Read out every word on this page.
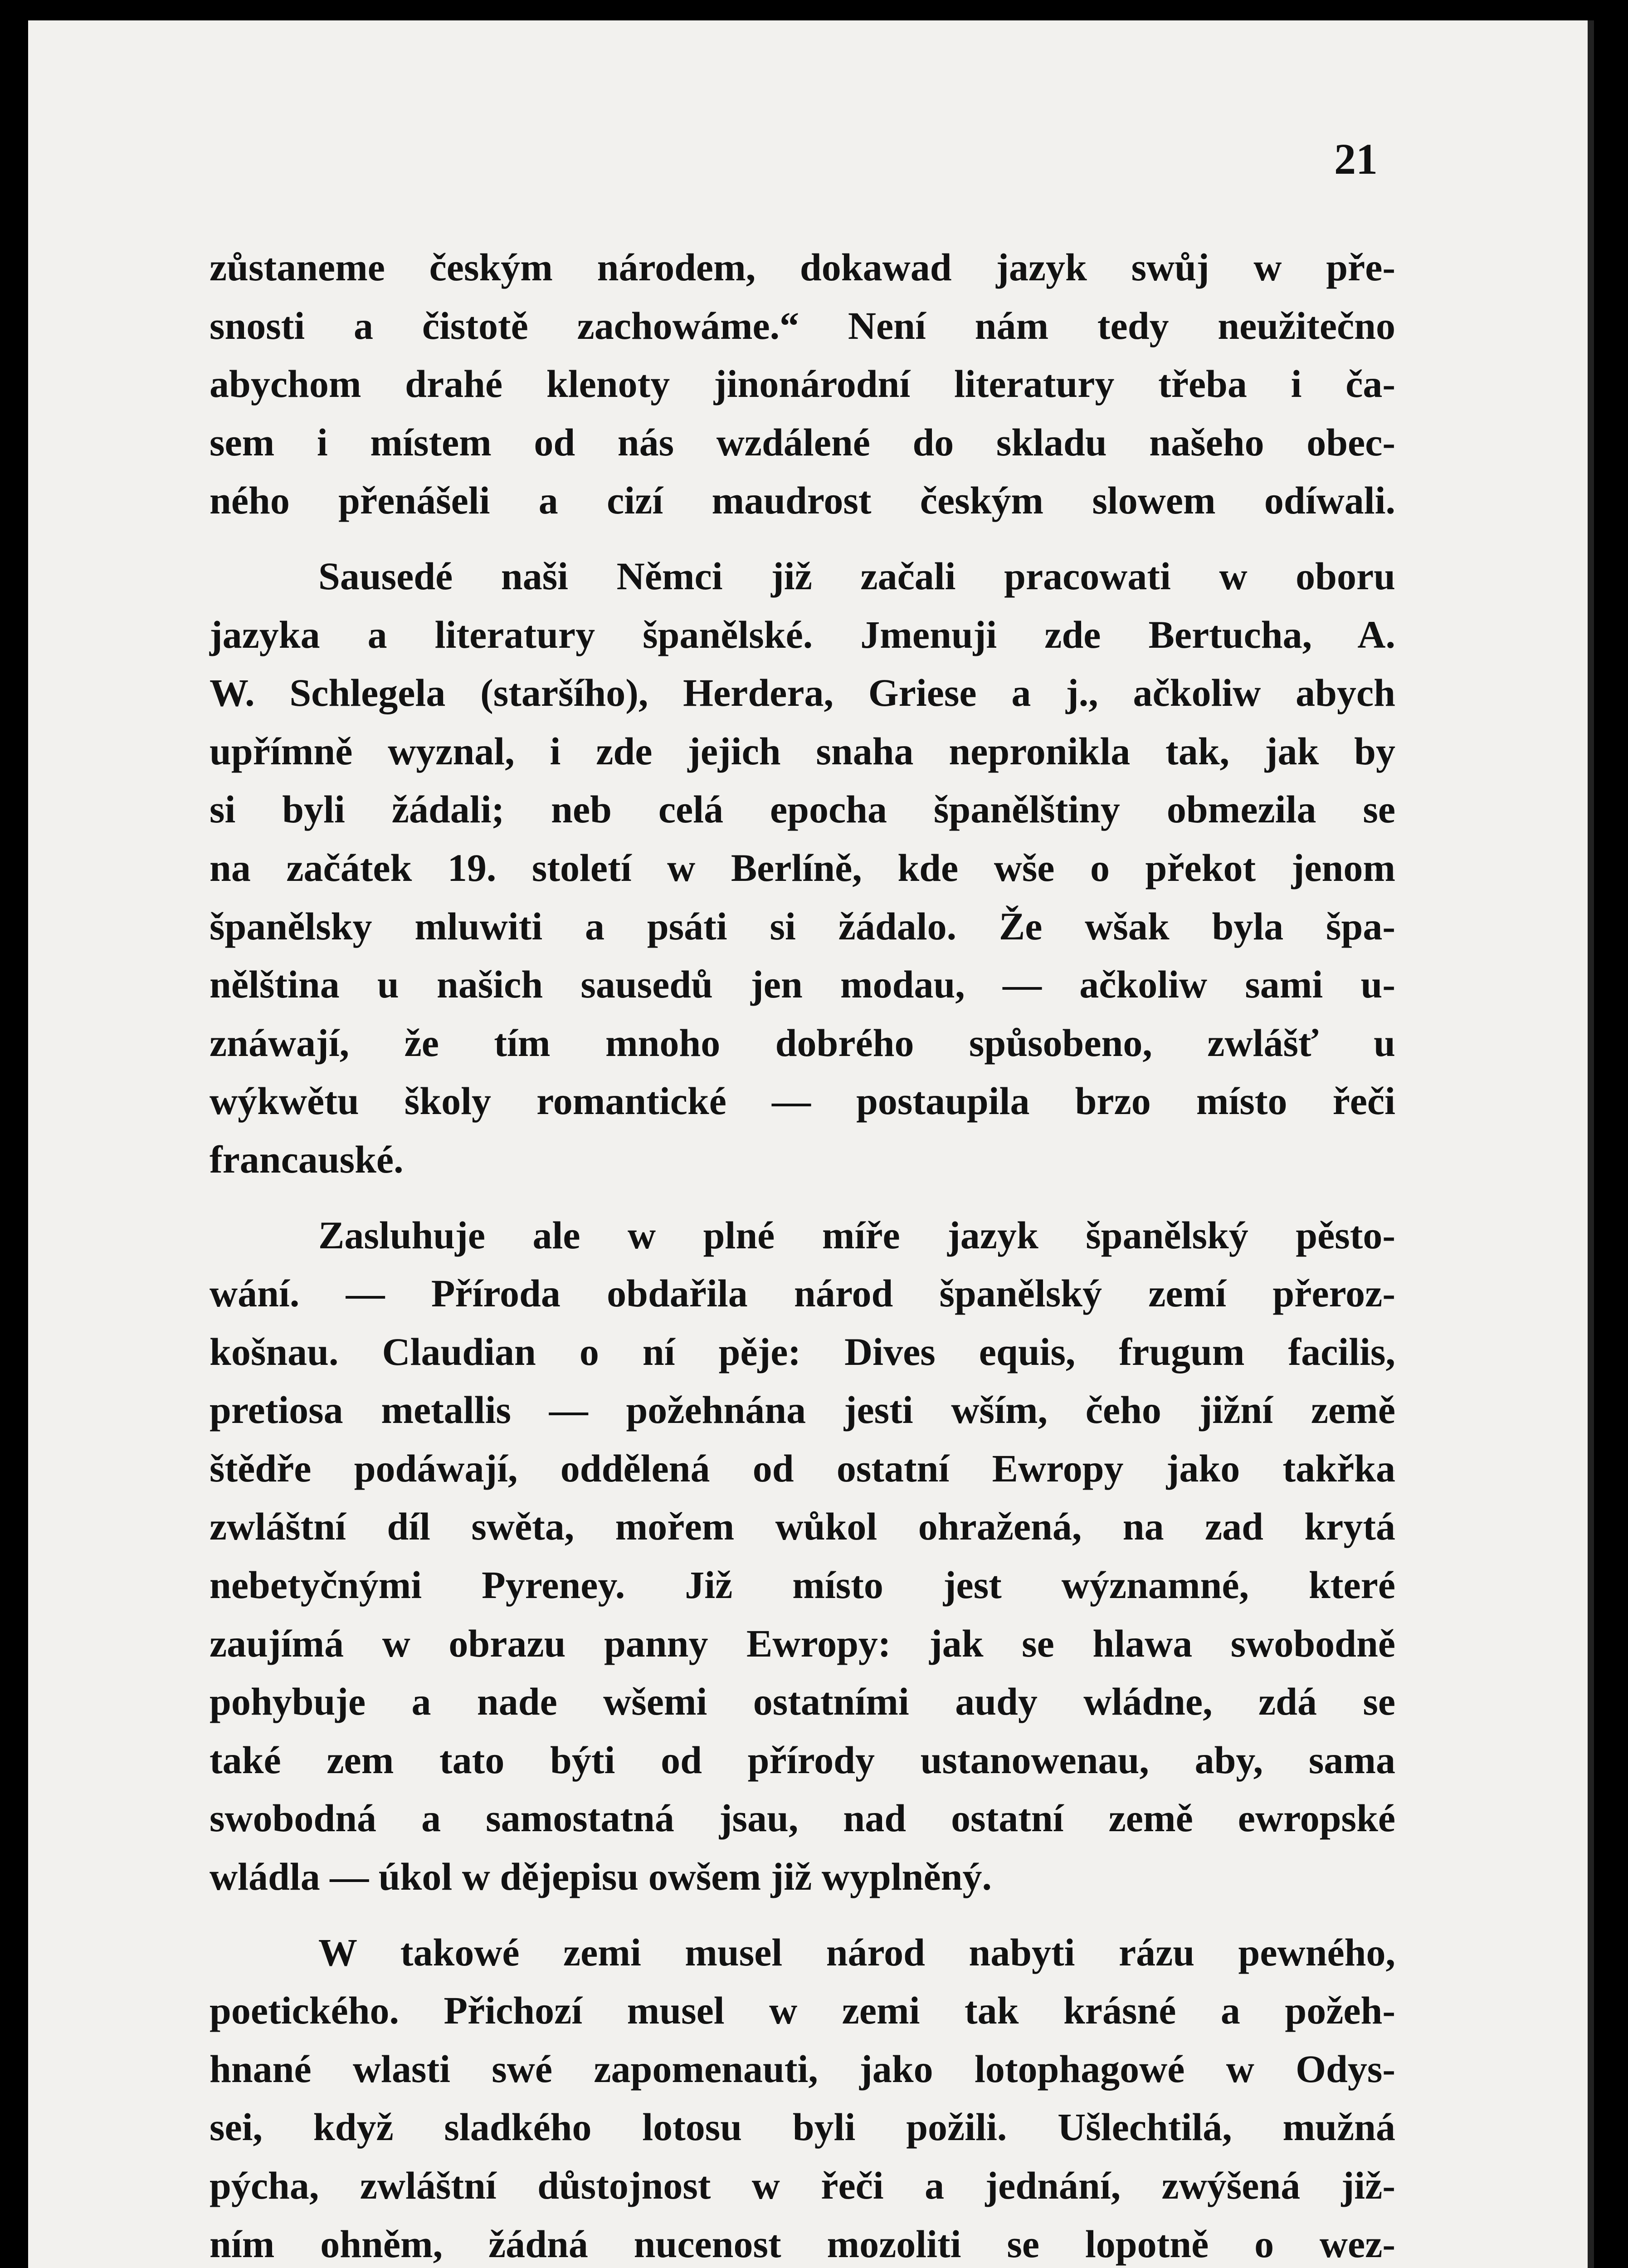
21

zůstaneme českým národem, dokawad jazyk swůj w pře-
snosti a čistotě zachowáme.“ Není nám tedy neužitečno
abychom drahé klenoty jinonárodní literatury třeba i ča-
sem i místem od nás wzdálené do skladu našeho obec-
ného přenášeli a cizí maudrost českým slowem odíwali.

Sausedé naši Němci již začali pracowati w oboru
jazyka a literatury španělské. Jmenuji zde Bertucha, A.
W. Schlegela (staršího), Herdera, Griese a j., ačkoliw abych
upřímně wyznal, i zde jejich snaha nepronikla tak, jak by
si byli žádali; neb celá epocha španělštiny obmezila se
na začátek 19. století w Berlíně, kde wše o překot jenom
španělsky mluwiti a psáti si žádalo. Že wšak byla špa-
nělština u našich sausedů jen modau, — ačkoliw sami u-
znáwají, že tím mnoho dobrého spůsobeno, zwlášť u
wýkwětu školy romantické — postaupila brzo místo řeči
francauské.

Zasluhuje ale w plné míře jazyk španělský pěsto-
wání. — Příroda obdařila národ španělský zemí přeroz-
košnau. Claudian o ní pěje: Dives equis, frugum facilis,
pretiosa metallis — požehnána jesti wším, čeho jižní země
štědře podáwají, oddělená od ostatní Ewropy jako takřka
zwláštní díl swěta, mořem wůkol ohražená, na zad krytá
nebetyčnými Pyreney. Již místo jest wýznamné, které
zaujímá w obrazu panny Ewropy: jak se hlawa swobodně
pohybuje a nade wšemi ostatními audy wládne, zdá se
také zem tato býti od přírody ustanowenau, aby, sama
swobodná a samostatná jsau, nad ostatní země ewropské
wládla — úkol w dějepisu owšem již wyplněný.

W takowé zemi musel národ nabyti rázu pewného,
poetického. Přichozí musel w zemi tak krásné a požeh-
hnané wlasti swé zapomenauti, jako lotophagowé w Odys-
sei, když sladkého lotosu byli požili. Ušlechtilá, mužná
pýcha, zwláštní důstojnost w řeči a jednání, zwýšená již-
ním ohněm, žádná nucenost mozoliti se lopotně o wez-
